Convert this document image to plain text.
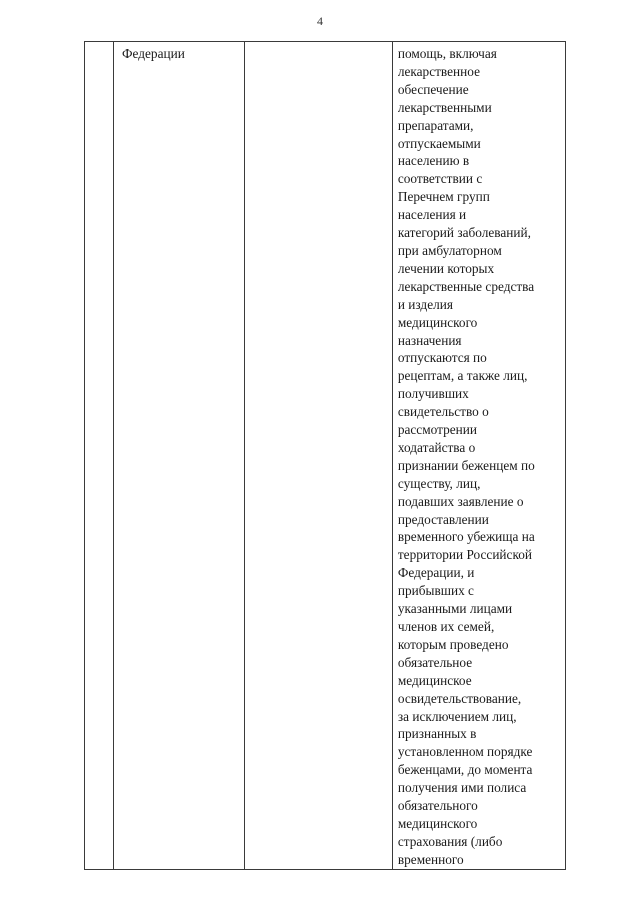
4

Федерации		помощь, включая
лекарственное
обеспечение
лекарственными
препаратами,
отпускаемыми
населению в
соответствии с
Перечнем групп
населения и
категорий заболеваний,
при амбулаторном
лечении которых
лекарственные средства
и изделия
медицинского
назначения
отпускаются по
рецептам, а также лиц,
получивших
свидетельство о
рассмотрении
ходатайства о
признании беженцем по
существу, лиц,
подавших заявление о
предоставлении
временного убежища на
территории Российской
Федерации, и
прибывших с
указанными лицами
членов их семей,
которым проведено
обязательное
медицинское
освидетельствование,
за исключением лиц,
признанных в
установленном порядке
беженцами, до момента
получения ими полиса
обязательного
медицинского
страхования (либо
временного
